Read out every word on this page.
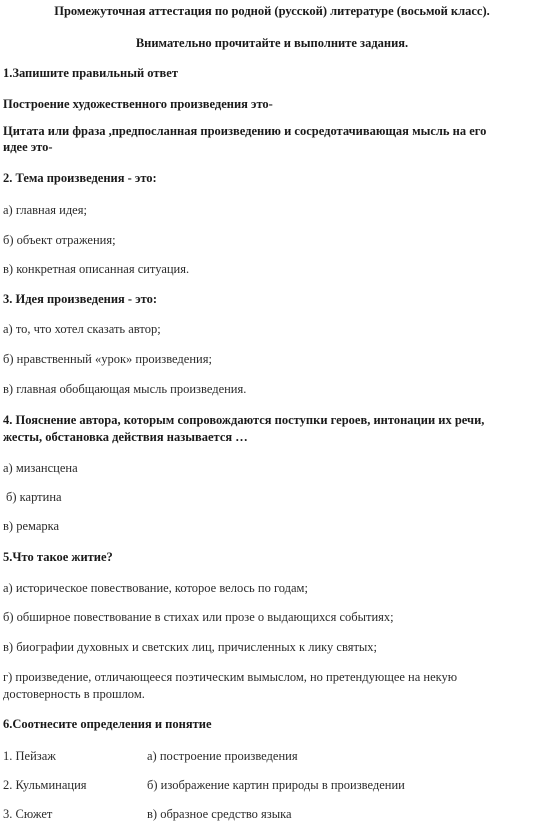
Промежуточная аттестация по родной (русской) литературе (восьмой класс).
Внимательно прочитайте и выполните задания.
1.Запишите правильный ответ
Построение художественного произведения это-
Цитата или фраза ,предпосланная произведению и сосредотачивающая мысль на его
идее это-
2. Тема произведения - это:
а) главная идея;
б) объект отражения;
в) конкретная описанная ситуация.
3. Идея произведения - это:
а) то, что хотел сказать автор;
б) нравственный «урок» произведения;
в) главная обобщающая мысль произведения.
4. Пояснение автора, которым сопровождаются поступки героев, интонации их речи,
жесты, обстановка действия называется …
а) мизансцена
б) картина
в) ремарка
5.Что такое житие?
а) историческое повествование, которое велось по годам;
б) обширное повествование в стихах или прозе о выдающихся событиях;
в) биографии духовных и светских лиц, причисленных к лику святых;
г) произведение, отличающееся поэтическим вымыслом, но претендующее на некую
достоверность в прошлом.
6.Соотнесите определения и понятие
1. Пейзаж	а) построение произведения
2. Кульминация	б) изображение картин природы в произведении
3. Сюжет	в) образное средство языка
